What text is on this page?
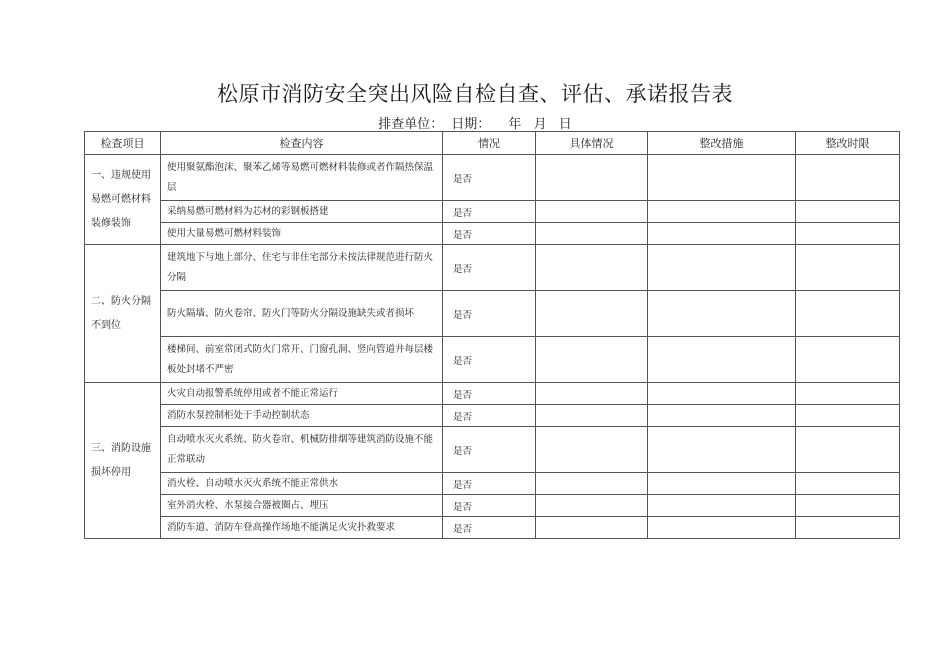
松原市消防安全突出风险自检自查、评估、承诺报告表
排查单位： 日期： 年 月 日
检查项目	检查内容	情况	具体情况	整改措施	整改时限
一、违规使用易燃可燃材料装修装饰	使用聚氨酯泡沫、聚苯乙烯等易燃可燃材料装修或者作隔热保温层	是否			
	采纳易燃可燃材料为芯材的彩钢板搭建	是否			
	使用大量易燃可燃材料装饰	是否			
二、防火分隔不到位	建筑地下与地上部分、住宅与非住宅部分未按法律规范进行防火分隔	是否			
	防火隔墙、防火卷帘、防火门等防火分隔设施缺失或者损坏	是否			
	楼梯间、前室常闭式防火门常开、门窗孔洞、竖向管道井每层楼板处封堵不严密	是否			
三、消防设施损坏停用	火灾自动报警系统停用或者不能正常运行	是否			
	消防水泵控制柜处于手动控制状态	是否			
	自动喷水灭火系统、防火卷帘、机械防排烟等建筑消防设施不能正常联动	是否			
	消火栓、自动喷水灭火系统不能正常供水	是否			
	室外消火栓、水泵接合器被圈占、埋压	是否			
	消防车道、消防车登高操作场地不能满足火灾扑救要求	是否			
